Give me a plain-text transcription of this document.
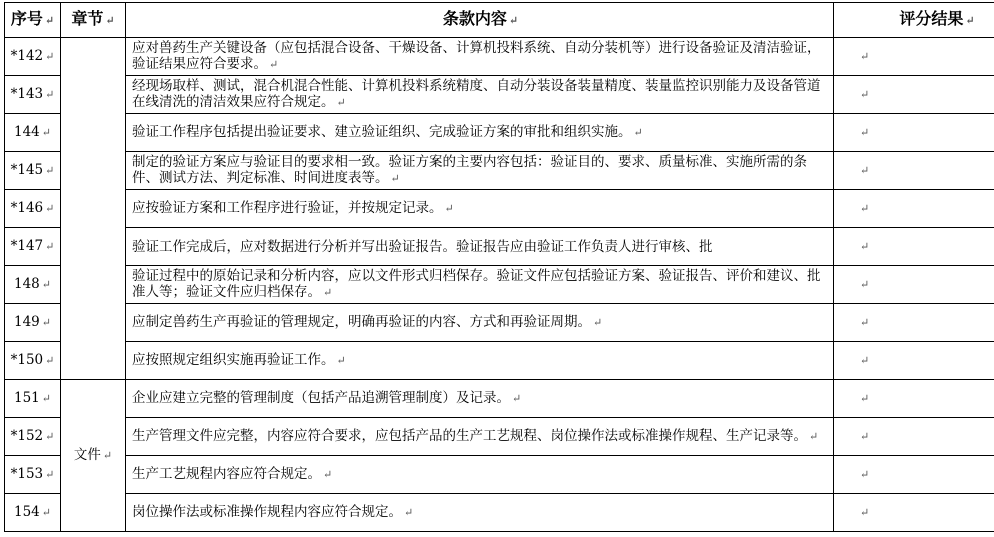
序号 ↵	章节 ↵	条款内容 ↵	评分结果 ↵
*142 ↵		应对兽药生产关键设备（应包括混合设备、干燥设备、计算机投料系统、自动分装机等）进行设备验证及清洁验证，验证结果应符合要求。 ↵	↵
*143 ↵		经现场取样、测试，混合机混合性能、计算机投料系统精度、自动分装设备装量精度、装量监控识别能力及设备管道在线清洗的清洁效果应符合规定。 ↵	↵
144 ↵		验证工作程序包括提出验证要求、建立验证组织、完成验证方案的审批和组织实施。 ↵	↵
*145 ↵		制定的验证方案应与验证目的要求相一致。验证方案的主要内容包括：验证目的、要求、质量标准、实施所需的条件、测试方法、判定标准、时间进度表等。 ↵	↵
*146 ↵		应按验证方案和工作程序进行验证，并按规定记录。 ↵	↵
*147 ↵		验证工作完成后，应对数据进行分析并写出验证报告。验证报告应由验证工作负责人进行审核、批	↵
148 ↵		验证过程中的原始记录和分析内容，应以文件形式归档保存。验证文件应包括验证方案、验证报告、评价和建议、批准人等；验证文件应归档保存。 ↵	↵
149 ↵		应制定兽药生产再验证的管理规定，明确再验证的内容、方式和再验证周期。 ↵	↵
*150 ↵		应按照规定组织实施再验证工作。 ↵	↵
151 ↵	文件 ↵	企业应建立完整的管理制度（包括产品追溯管理制度）及记录。 ↵	↵
*152 ↵		生产管理文件应完整，内容应符合要求，应包括产品的生产工艺规程、岗位操作法或标准操作规程、生产记录等。 ↵	↵
*153 ↵		生产工艺规程内容应符合规定。 ↵	↵
154 ↵		岗位操作法或标准操作规程内容应符合规定。 ↵	↵
